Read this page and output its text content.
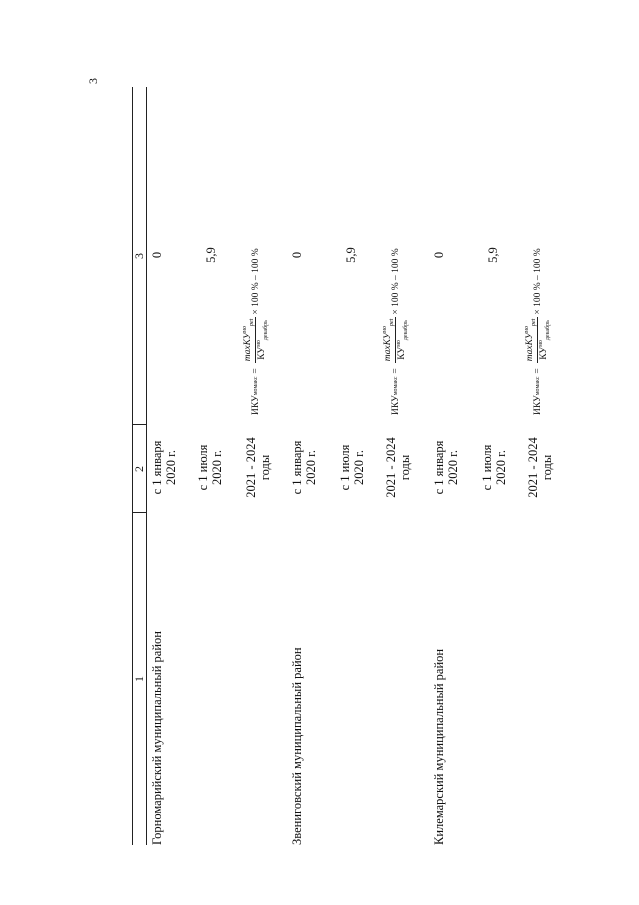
3
1
2
3
Горномарийский муниципальный район
с 1 января 2020 г.
0
с 1 июля 2020 г.
5,9
2021 - 2024 годы
ИКУ
мо
макс
=
maxКУ$^{мо}_{реt}$
$КУ^{мо}_{декабрь}$
× 100 % – 100 %
Звениговский муниципальный район
с 1 января 2020 г.
0
с 1 июля 2020 г.
5,9
2021 - 2024 годы
ИКУ
мо
макс
=
maxКУ$^{мо}_{реt}$
$КУ^{мо}_{декабрь}$
× 100 % – 100 %
Килемарский муниципальный район
с 1 января 2020 г.
0
с 1 июля 2020 г.
5,9
2021 - 2024 годы
ИКУ
мо
макс
=
maxКУ$^{мо}_{реt}$
$КУ^{мо}_{декабрь}$
× 100 % – 100 %
